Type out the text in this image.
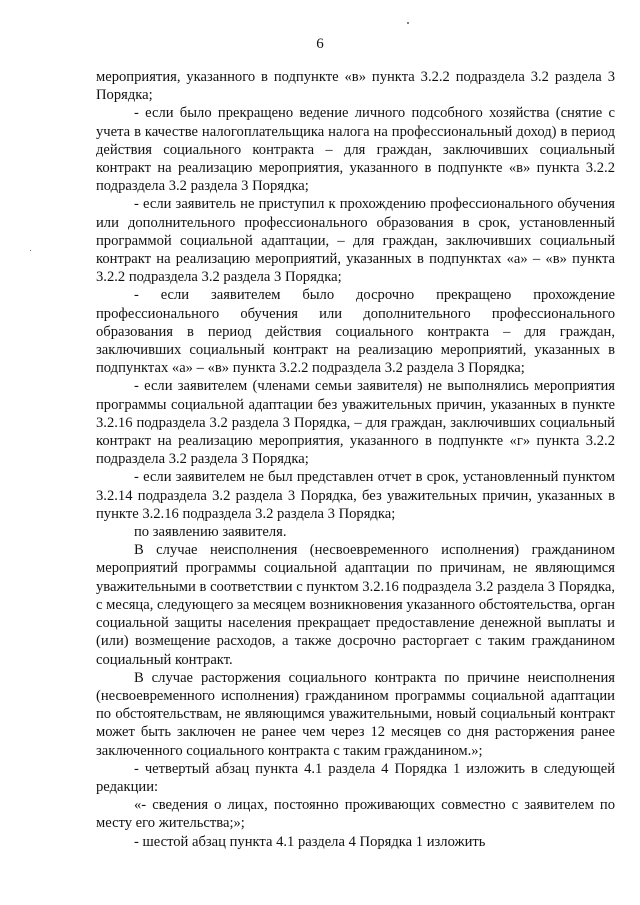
6

мероприятия, указанного в подпункте «в» пункта 3.2.2 подраздела 3.2 раздела 3 Порядка;

- если было прекращено ведение личного подсобного хозяйства (снятие с учета в качестве налогоплательщика налога на профессиональный доход) в период действия социального контракта – для граждан, заключивших социальный контракт на реализацию мероприятия, указанного в подпункте «в» пункта 3.2.2 подраздела 3.2 раздела 3 Порядка;

- если заявитель не приступил к прохождению профессионального обучения или дополнительного профессионального образования в срок, установленный программой социальной адаптации, – для граждан, заключивших социальный контракт на реализацию мероприятий, указанных в подпунктах «а» – «в» пункта 3.2.2 подраздела 3.2 раздела 3 Порядка;

- если заявителем было досрочно прекращено прохождение профессионального обучения или дополнительного профессионального образования в период действия социального контракта – для граждан, заключивших социальный контракт на реализацию мероприятий, указанных в подпунктах «а» – «в» пункта 3.2.2 подраздела 3.2 раздела 3 Порядка;

- если заявителем (членами семьи заявителя) не выполнялись мероприятия программы социальной адаптации без уважительных причин, указанных в пункте 3.2.16 подраздела 3.2 раздела 3 Порядка, – для граждан, заключивших социальный контракт на реализацию мероприятия, указанного в подпункте «г» пункта 3.2.2 подраздела 3.2 раздела 3 Порядка;

- если заявителем не был представлен отчет в срок, установленный пунктом 3.2.14 подраздела 3.2 раздела 3 Порядка, без уважительных причин, указанных в пункте 3.2.16 подраздела 3.2 раздела 3 Порядка;

по заявлению заявителя.

В случае неисполнения (несвоевременного исполнения) гражданином мероприятий программы социальной адаптации по причинам, не являющимся уважительными в соответствии с пунктом 3.2.16 подраздела 3.2 раздела 3 Порядка, с месяца, следующего за месяцем возникновения указанного обстоятельства, орган социальной защиты населения прекращает предоставление денежной выплаты и (или) возмещение расходов, а также досрочно расторгает с таким гражданином социальный контракт.

В случае расторжения социального контракта по причине неисполнения (несвоевременного исполнения) гражданином программы социальной адаптации по обстоятельствам, не являющимся уважительными, новый социальный контракт может быть заключен не ранее чем через 12 месяцев со дня расторжения ранее заключенного социального контракта с таким гражданином.»;

- четвертый абзац пункта 4.1 раздела 4 Порядка 1 изложить в следующей редакции:

«- сведения о лицах, постоянно проживающих совместно с заявителем по месту его жительства;»;

- шестой абзац пункта 4.1 раздела 4 Порядка 1 изложить
